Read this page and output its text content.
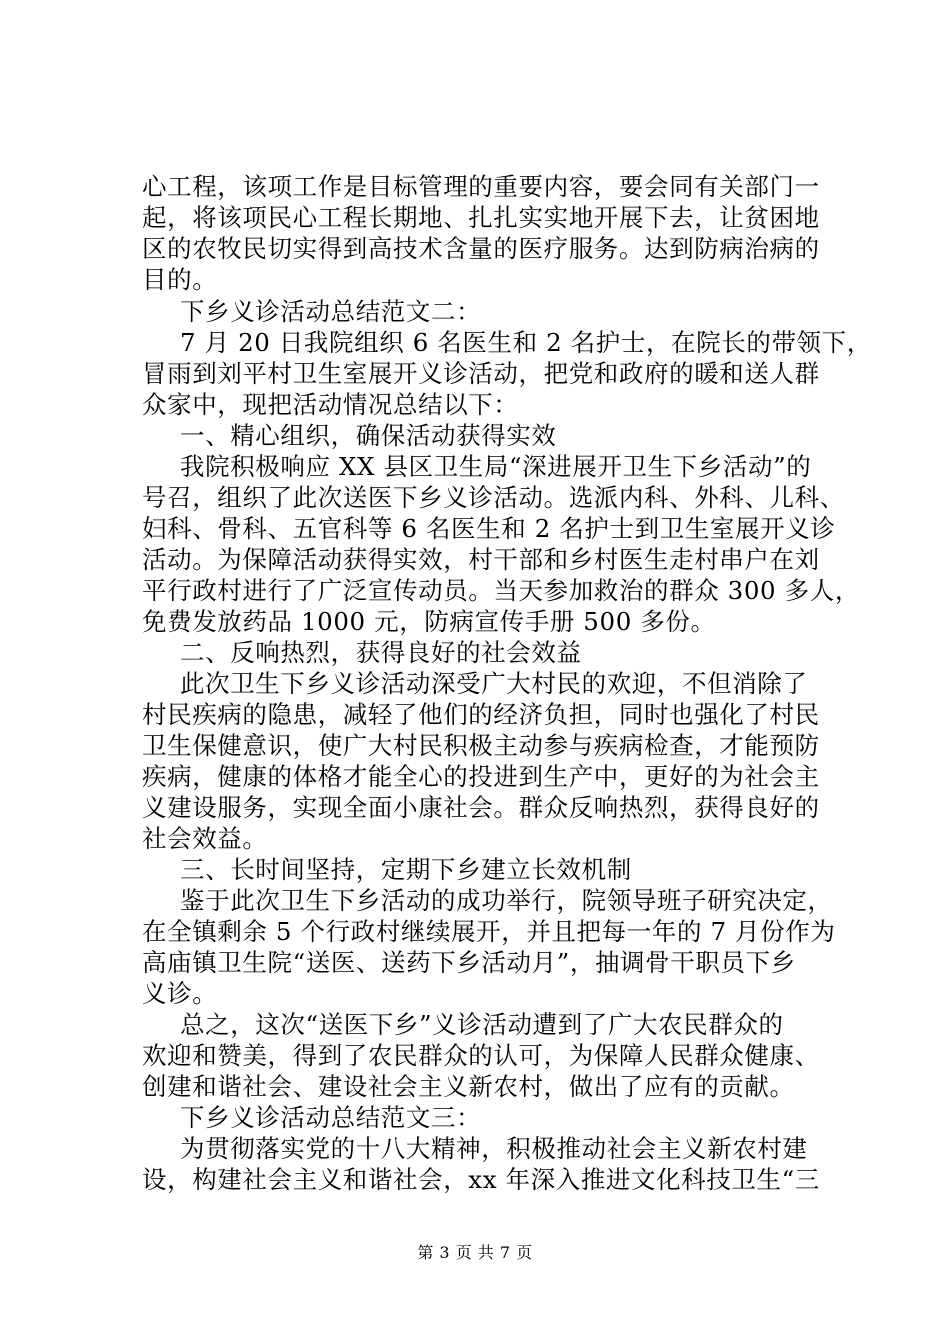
心工程，该项工作是目标管理的重要内容，要会同有关部门一
起，将该项民心工程长期地、扎扎实实地开展下去，让贫困地
区的农牧民切实得到高技术含量的医疗服务。达到防病治病的
目的。
下乡义诊活动总结范文二：
7 月 20 日我院组织 6 名医生和 2 名护士，在院长的带领下，
冒雨到刘平村卫生室展开义诊活动，把党和政府的暖和送人群
众家中，现把活动情况总结以下：
一、精心组织，确保活动获得实效
我院积极响应 XX 县区卫生局“深进展开卫生下乡活动”的
号召，组织了此次送医下乡义诊活动。选派内科、外科、儿科、
妇科、骨科、五官科等 6 名医生和 2 名护士到卫生室展开义诊
活动。为保障活动获得实效，村干部和乡村医生走村串户在刘
平行政村进行了广泛宣传动员。当天参加救治的群众 300 多人，
免费发放药品 1000 元，防病宣传手册 500 多份。
二、反响热烈，获得良好的社会效益
此次卫生下乡义诊活动深受广大村民的欢迎，不但消除了
村民疾病的隐患，减轻了他们的经济负担，同时也强化了村民
卫生保健意识，使广大村民积极主动参与疾病检查，才能预防
疾病，健康的体格才能全心的投进到生产中，更好的为社会主
义建设服务，实现全面小康社会。群众反响热烈，获得良好的
社会效益。
三、长时间坚持，定期下乡建立长效机制
鉴于此次卫生下乡活动的成功举行，院领导班子研究决定，
在全镇剩余 5 个行政村继续展开，并且把每一年的 7 月份作为
高庙镇卫生院“送医、送药下乡活动月”，抽调骨干职员下乡
义诊。
总之，这次“送医下乡”义诊活动遭到了广大农民群众的
欢迎和赞美，得到了农民群众的认可，为保障人民群众健康、
创建和谐社会、建设社会主义新农村，做出了应有的贡献。
下乡义诊活动总结范文三：
为贯彻落实党的十八大精神，积极推动社会主义新农村建
设，构建社会主义和谐社会，xx 年深入推进文化科技卫生“三
第 3 页 共 7 页
